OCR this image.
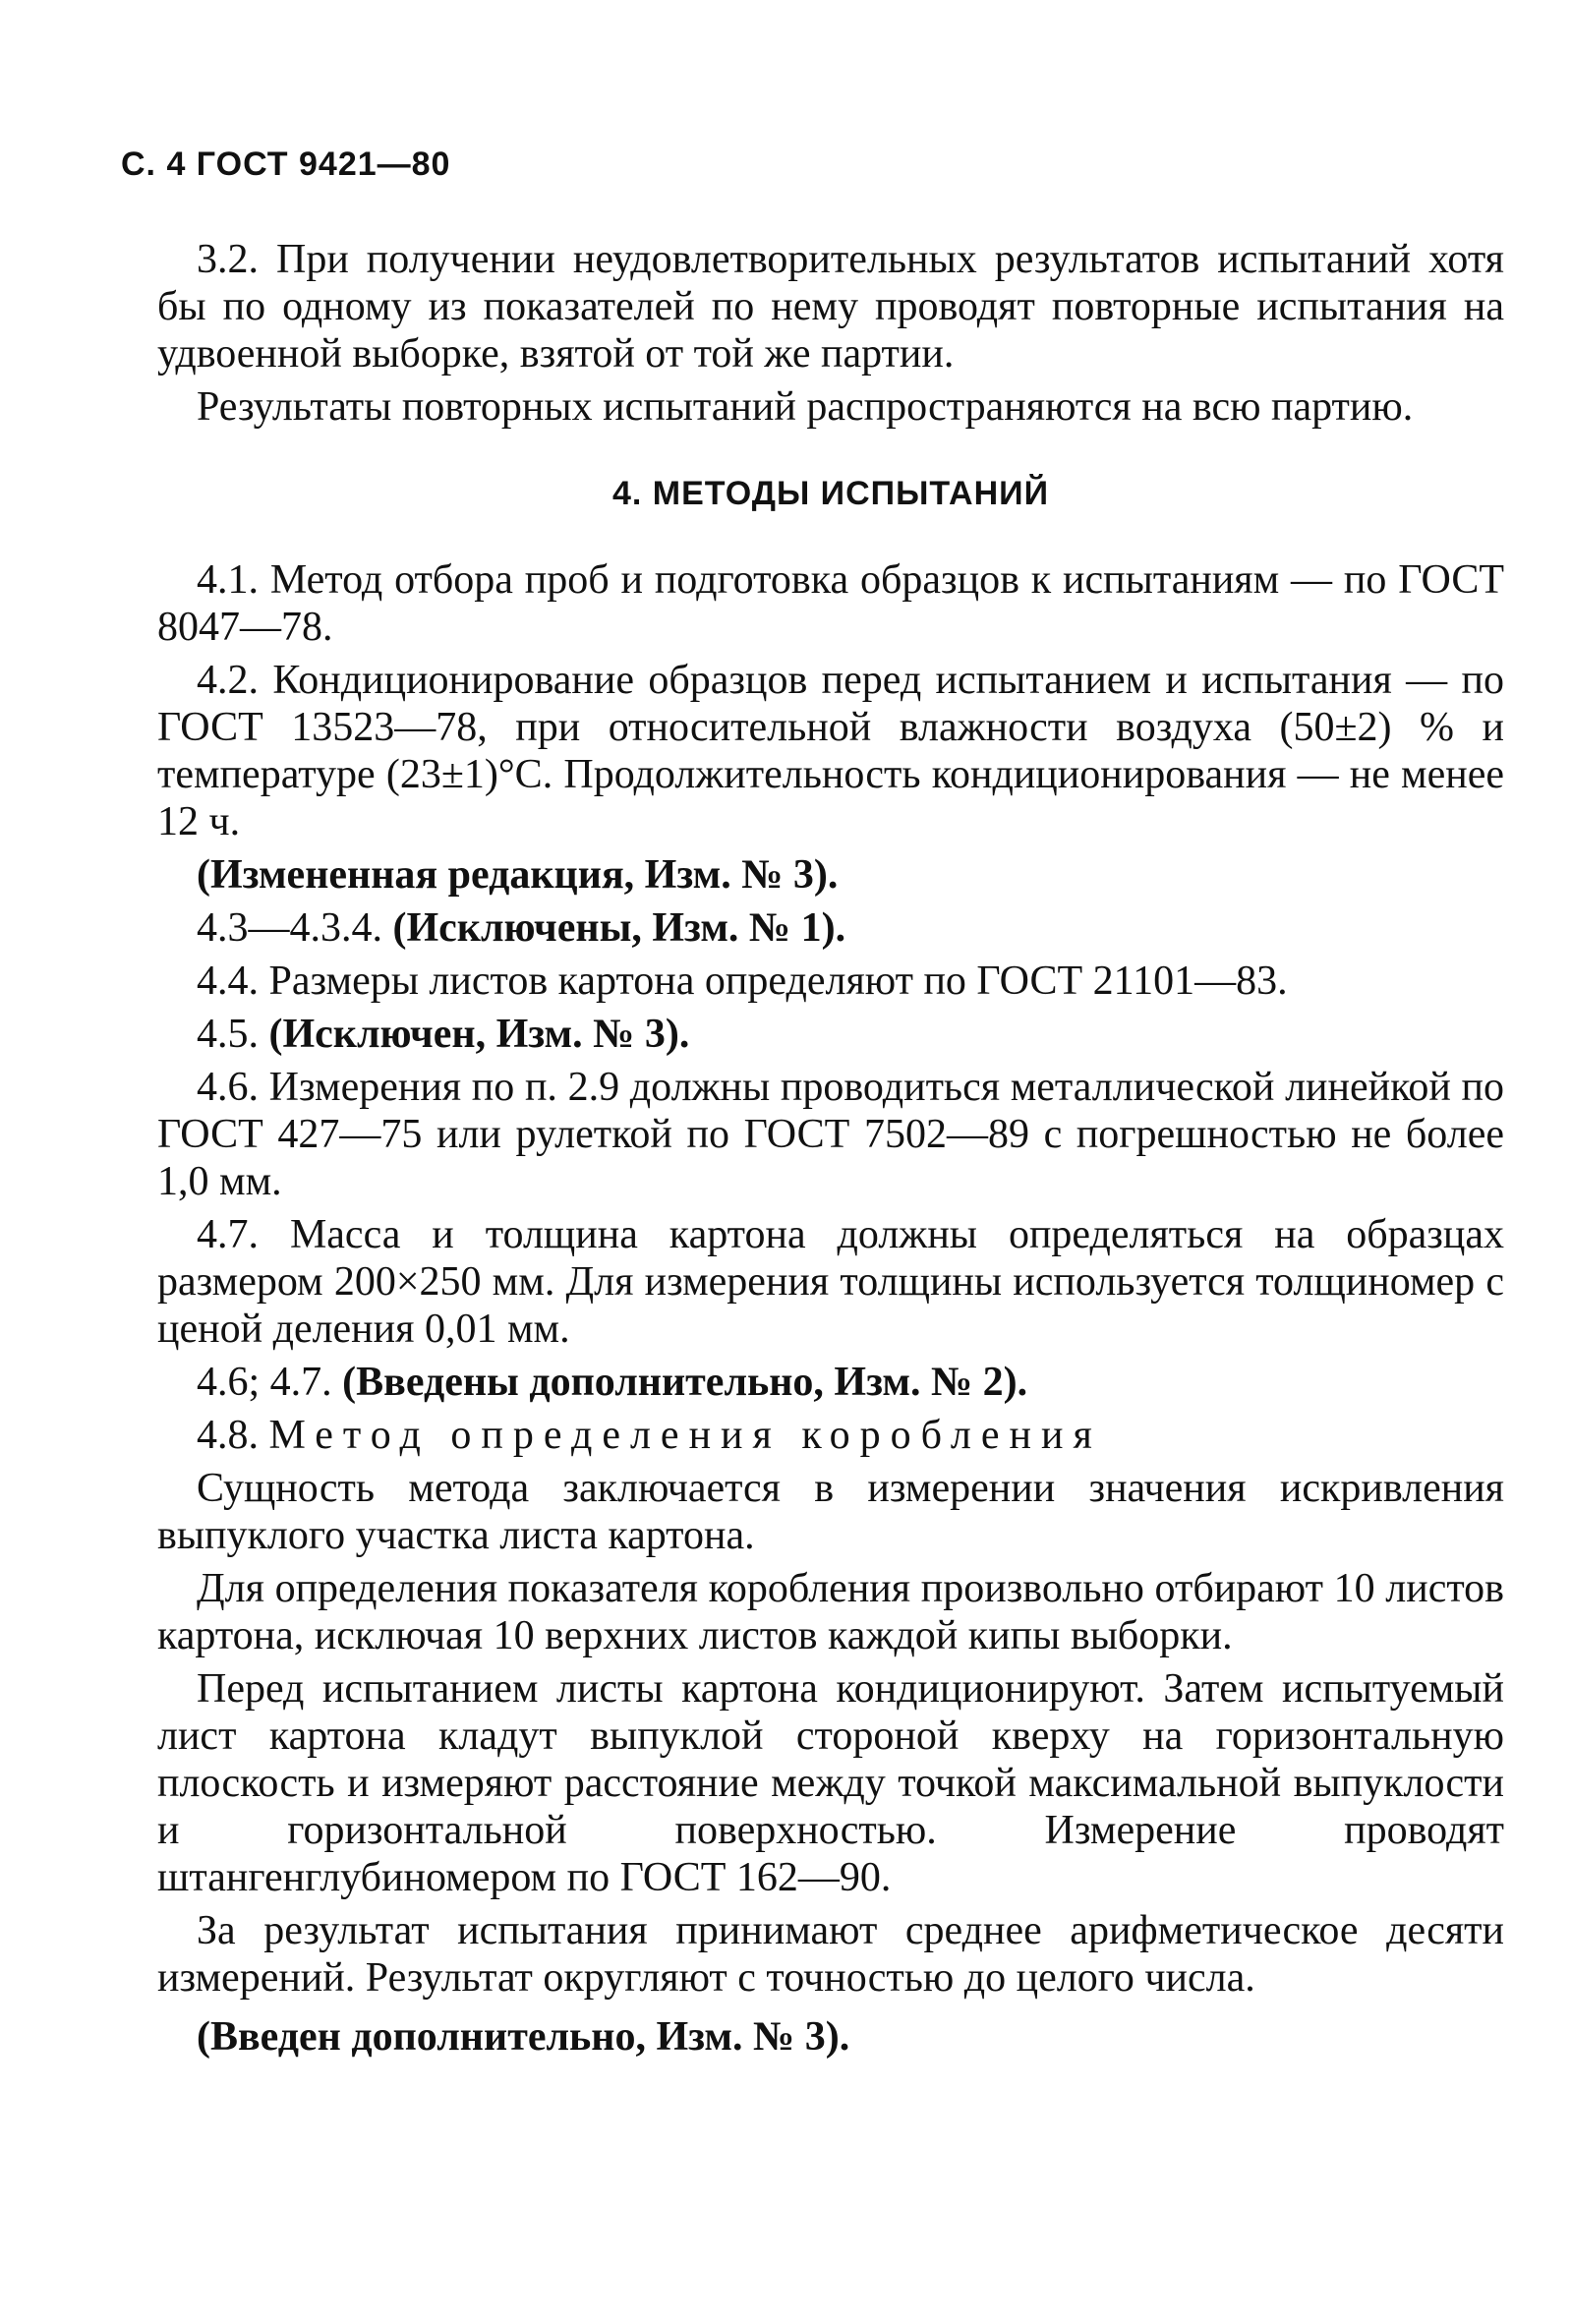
С. 4 ГОСТ 9421—80

3.2. При получении неудовлетворительных результатов испытаний хотя бы по одному из показателей по нему проводят повторные испытания на удвоенной выборке, взятой от той же партии.

Результаты повторных испытаний распространяются на всю партию.

4. МЕТОДЫ ИСПЫТАНИЙ

4.1. Метод отбора проб и подготовка образцов к испытаниям — по ГОСТ 8047—78.

4.2. Кондиционирование образцов перед испытанием и испытания — по ГОСТ 13523—78, при относительной влажности воздуха (50±2) % и температуре (23±1)°С. Продолжительность кондиционирования — не менее 12 ч.

(Измененная редакция, Изм. № 3).

4.3—4.3.4. (Исключены, Изм. № 1).

4.4. Размеры листов картона определяют по ГОСТ 21101—83.

4.5. (Исключен, Изм. № 3).

4.6. Измерения по п. 2.9 должны проводиться металлической линейкой по ГОСТ 427—75 или рулеткой по ГОСТ 7502—89 с погрешностью не более 1,0 мм.

4.7. Масса и толщина картона должны определяться на образцах размером 200×250 мм. Для измерения толщины используется толщиномер с ценой деления 0,01 мм.

4.6; 4.7. (Введены дополнительно, Изм. № 2).

4.8. Метод определения коробления

Сущность метода заключается в измерении значения искривления выпуклого участка листа картона.

Для определения показателя коробления произвольно отбирают 10 листов картона, исключая 10 верхних листов каждой кипы выборки.

Перед испытанием листы картона кондиционируют. Затем испытуемый лист картона кладут выпуклой стороной кверху на горизонтальную плоскость и измеряют расстояние между точкой максимальной выпуклости и горизонтальной поверхностью. Измерение проводят штангенглубиномером по ГОСТ 162—90.

За результат испытания принимают среднее арифметическое десяти измерений. Результат округляют с точностью до целого числа.

(Введен дополнительно, Изм. № 3).
